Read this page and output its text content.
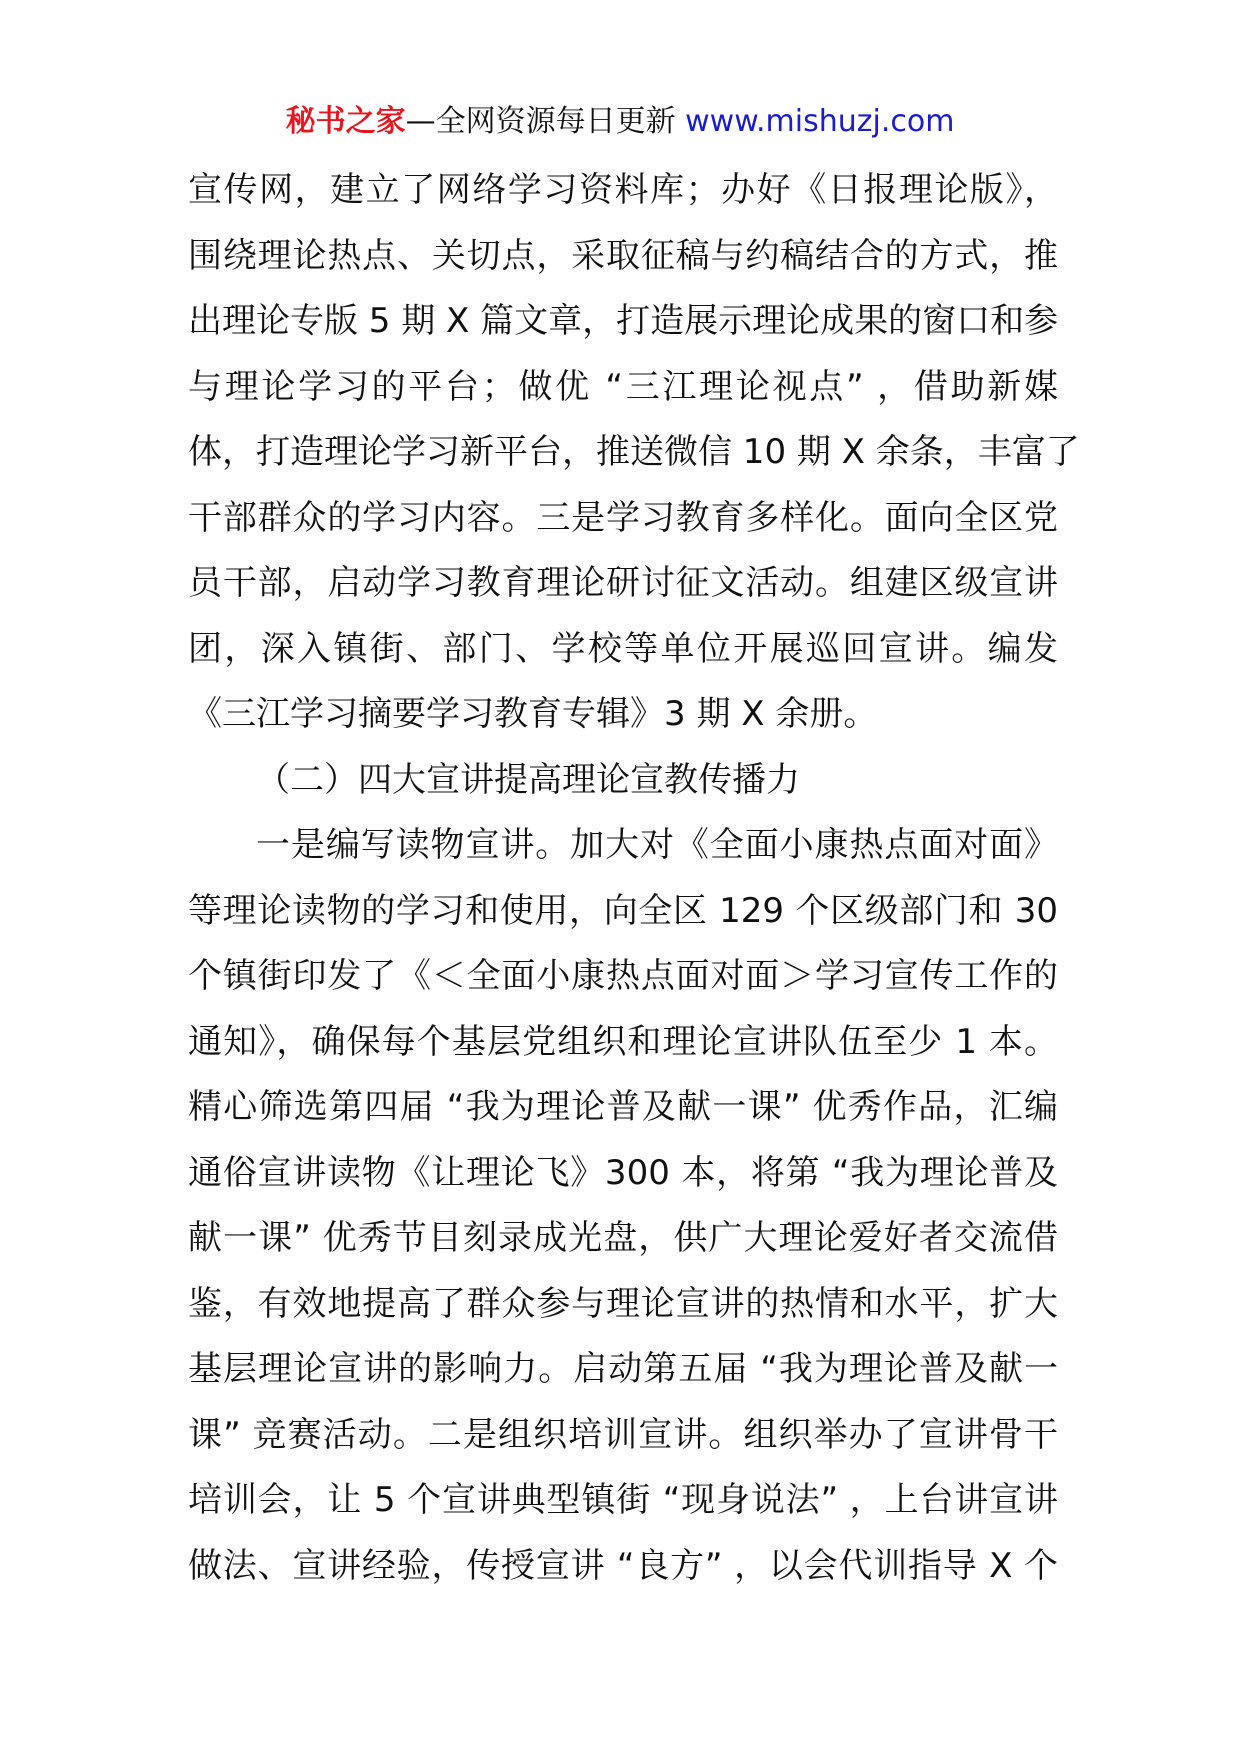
秘书之家—全网资源每日更新 www.mishuzj.com
宣传网，建立了网络学习资料库；办好《日报理论版》，
围绕理论热点、关切点，采取征稿与约稿结合的方式，推
出理论专版 5 期 X 篇文章，打造展示理论成果的窗口和参
与理论学习的平台；做优 “三江理论视点” ，借助新媒
体，打造理论学习新平台，推送微信 10 期 X 余条，丰富了
干部群众的学习内容。三是学习教育多样化。面向全区党
员干部，启动学习教育理论研讨征文活动。组建区级宣讲
团，深入镇街、部门、学校等单位开展巡回宣讲。编发
《三江学习摘要学习教育专辑》3 期 X 余册。
（二）四大宣讲提高理论宣教传播力
一是编写读物宣讲。加大对《全面小康热点面对面》
等理论读物的学习和使用，向全区 129 个区级部门和 30
个镇街印发了《＜全面小康热点面对面＞学习宣传工作的
通知》，确保每个基层党组织和理论宣讲队伍至少 1 本。
精心筛选第四届 “我为理论普及献一课” 优秀作品，汇编
通俗宣讲读物《让理论飞》300 本，将第 “我为理论普及
献一课” 优秀节目刻录成光盘，供广大理论爱好者交流借
鉴，有效地提高了群众参与理论宣讲的热情和水平，扩大
基层理论宣讲的影响力。启动第五届 “我为理论普及献一
课” 竞赛活动。二是组织培训宣讲。组织举办了宣讲骨干
培训会，让 5 个宣讲典型镇街 “现身说法” ，上台讲宣讲
做法、宣讲经验，传授宣讲 “良方” ，以会代训指导 X 个
